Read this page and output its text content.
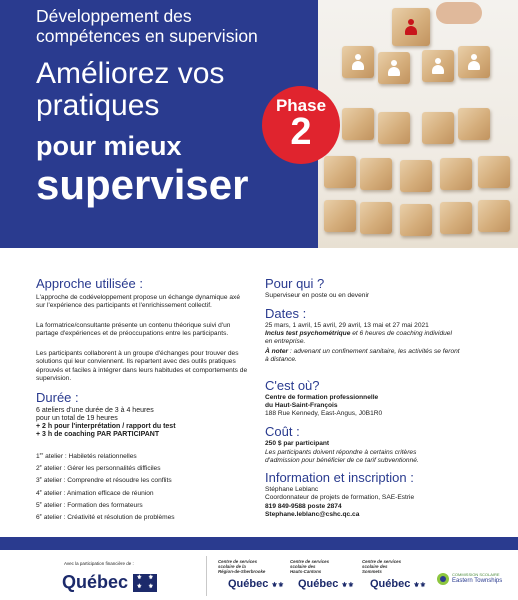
Développement des
compétences en supervision
Améliorez vos
pratiques
pour mieux
superviser
Phase
2
Approche utilisée :
L'approche de codéveloppement propose un échange dynamique axé sur l'expérience des participants et l'enrichissement collectif.
La formatrice/consultante présente un contenu théorique suivi d'un partage d'expériences et de préoccupations entre les participants.
Les participants collaborent à un groupe d'échanges pour trouver des solutions qui leur conviennent. Ils repartent avec des outils pratiques éprouvés et faciles à intégrer dans leurs habitudes et comportements de supervision.
Durée :
6 ateliers d'une durée de 3 à 4 heures
pour un total de 19 heures
+ 2 h pour l'interprétation / rapport du test
+ 3 h de coaching PAR PARTICIPANT
1er atelier : Habiletés relationnelles
2e atelier : Gérer les personnalités difficiles
3e atelier : Comprendre et résoudre les conflits
4e atelier : Animation efficace de réunion
5e atelier : Formation des formateurs
6e atelier : Créativité et résolution de problèmes
Pour qui ?
Superviseur en poste ou en devenir
Dates :
25 mars, 1 avril, 15 avril, 29 avril, 13 mai et 27 mai 2021
Inclus test psychométrique et 6 heures de coaching individuel
en entreprise.
À noter : advenant un confinement sanitaire, les activités se feront
à distance.
C'est où?
Centre de formation professionnelle
du Haut-Saint-François
188 Rue Kennedy, East-Angus, J0B1R0
Coût :
250 $ par participant
Les participants doivent répondre à certains critères
d'admission pour bénéficier de ce tarif subventionné.
Information et inscription :
Stéphane Leblanc
Coordonnateur de projets de formation, SAE-Estrie
819 849-9588 poste 2874
Stephane.leblanc@cshc.qc.ca
Avec la participation financière de :
Québec	⚜	⚜
⚜	⚜
Centre de services
scolaire de la
Région-de-Sherbrooke
Québec ⚜⚜
Centre de services
scolaire des
Hauts-Cantons
Québec ⚜⚜
Centre de services
scolaire des
Sommets
Québec ⚜⚜
COMMISSION SCOLAIRE
Eastern Townships
